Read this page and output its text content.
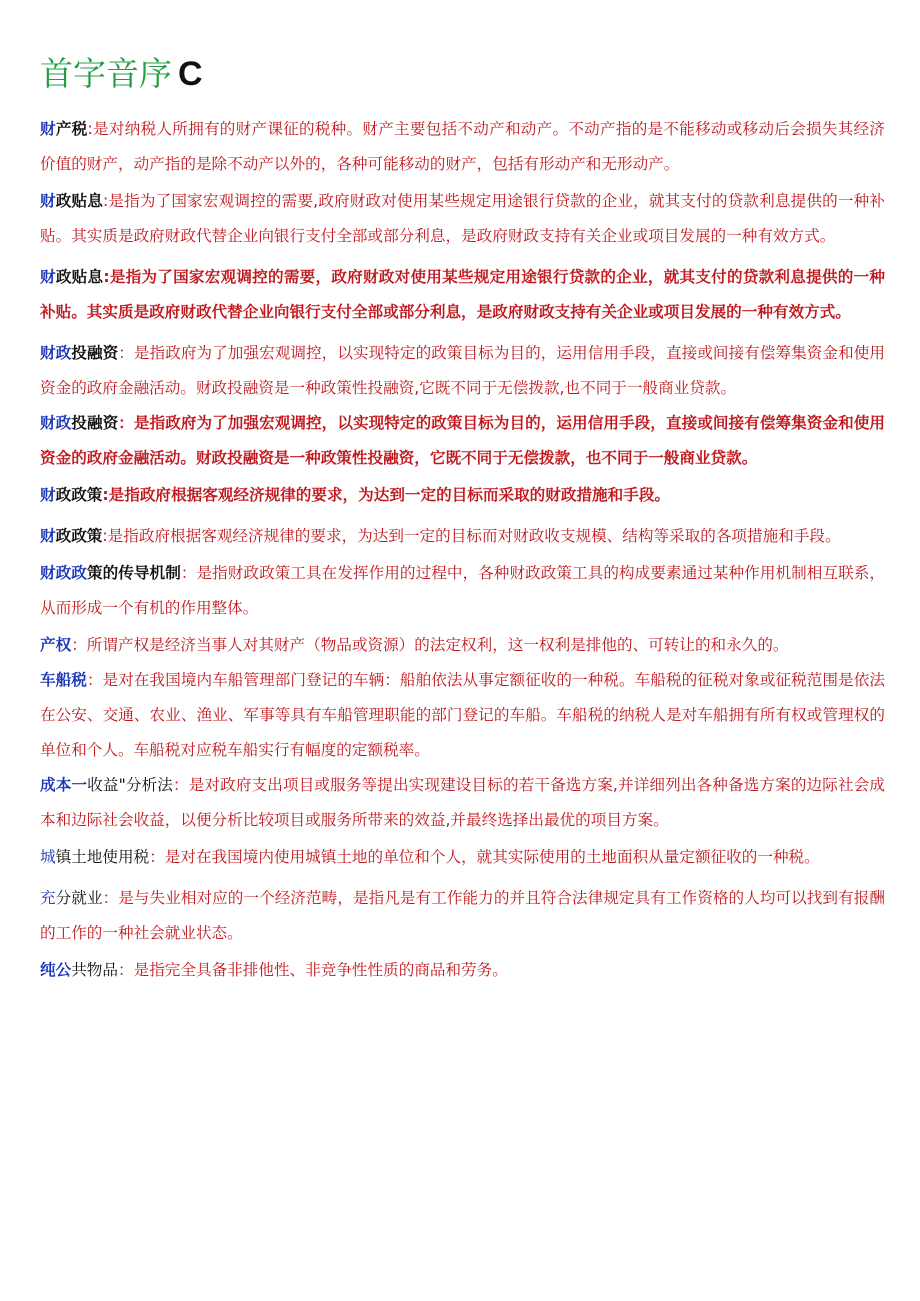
首字音序 C

财产税:是对纳税人所拥有的财产课征的税种。财产主要包括不动产和动产。不动产指的是不能移动或移动后会损失其经济价值的财产，动产指的是除不动产以外的，各种可能移动的财产，包括有形动产和无形动产。

财政贴息:是指为了国家宏观调控的需要,政府财政对使用某些规定用途银行贷款的企业，就其支付的贷款利息提供的一种补贴。其实质是政府财政代替企业向银行支付全部或部分利息，是政府财政支持有关企业或项目发展的一种有效方式。

财政贴息:是指为了国家宏观调控的需要，政府财政对使用某些规定用途银行贷款的企业，就其支付的贷款利息提供的一种补贴。其实质是政府财政代替企业向银行支付全部或部分利息，是政府财政支持有关企业或项目发展的一种有效方式。

财政投融资：是指政府为了加强宏观调控，以实现特定的政策目标为目的，运用信用手段，直接或间接有偿筹集资金和使用资金的政府金融活动。财政投融资是一种政策性投融资,它既不同于无偿拨款,也不同于一般商业贷款。

财政投融资：是指政府为了加强宏观调控，以实现特定的政策目标为目的，运用信用手段，直接或间接有偿筹集资金和使用资金的政府金融活动。财政投融资是一种政策性投融资，它既不同于无偿拨款，也不同于一般商业贷款。

财政政策:是指政府根据客观经济规律的要求，为达到一定的目标而采取的财政措施和手段。

财政政策:是指政府根据客观经济规律的要求，为达到一定的目标而对财政收支规模、结构等采取的各项措施和手段。

财政政策的传导机制：是指财政政策工具在发挥作用的过程中，各种财政政策工具的构成要素通过某种作用机制相互联系，从而形成一个有机的作用整体。

产权：所谓产权是经济当事人对其财产（物品或资源）的法定权利，这一权利是排他的、可转让的和永久的。

车船税：是对在我国境内车船管理部门登记的车辆：船舶依法从事定额征收的一种税。车船税的征税对象或征税范围是依法在公安、交通、农业、渔业、军事等具有车船管理职能的部门登记的车船。车船税的纳税人是对车船拥有所有权或管理权的单位和个人。车船税对应税车船实行有幅度的定额税率。

成本一收益"分析法：是对政府支出项目或服务等提出实现建设目标的若干备选方案,并详细列出各种备选方案的边际社会成本和边际社会收益，以便分析比较项目或服务所带来的效益,并最终选择出最优的项目方案。

城镇土地使用税：是对在我国境内使用城镇土地的单位和个人，就其实际使用的土地面积从量定额征收的一种税。

充分就业：是与失业相对应的一个经济范畴，是指凡是有工作能力的并且符合法律规定具有工作资格的人均可以找到有报酬的工作的一种社会就业状态。

纯公共物品：是指完全具备非排他性、非竞争性性质的商品和劳务。
